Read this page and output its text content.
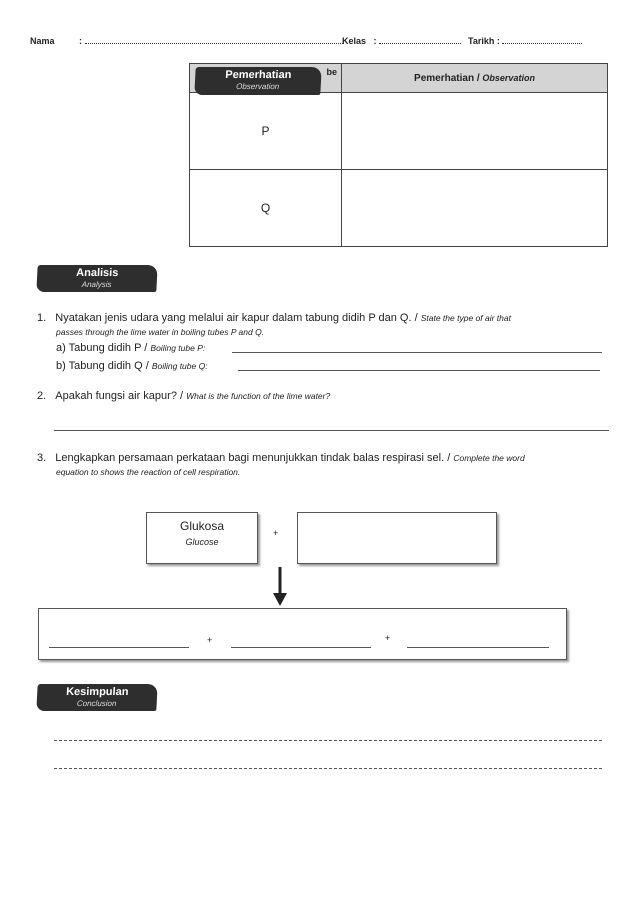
Nama	:	Kelas :	Tarikh :
be	Pemerhatian / Observation
P	
Q	
Pemerhatian
Observation
Analisis
Analysis
1. Nyatakan jenis udara yang melalui air kapur dalam tabung didih P dan Q. / State the type of air that
passes through the lime water in boiling tubes P and Q.
a) Tabung didih P / Boiling tube P:
b) Tabung didih Q / Boiling tube Q:
2. Apakah fungsi air kapur? / What is the function of the lime water?
3. Lengkapkan persamaan perkataan bagi menunjukkan tindak balas respirasi sel. / Complete the word
equation to shows the reaction of cell respiration.
Glukosa
Glucose
+
+	+
Kesimpulan
Conclusion
